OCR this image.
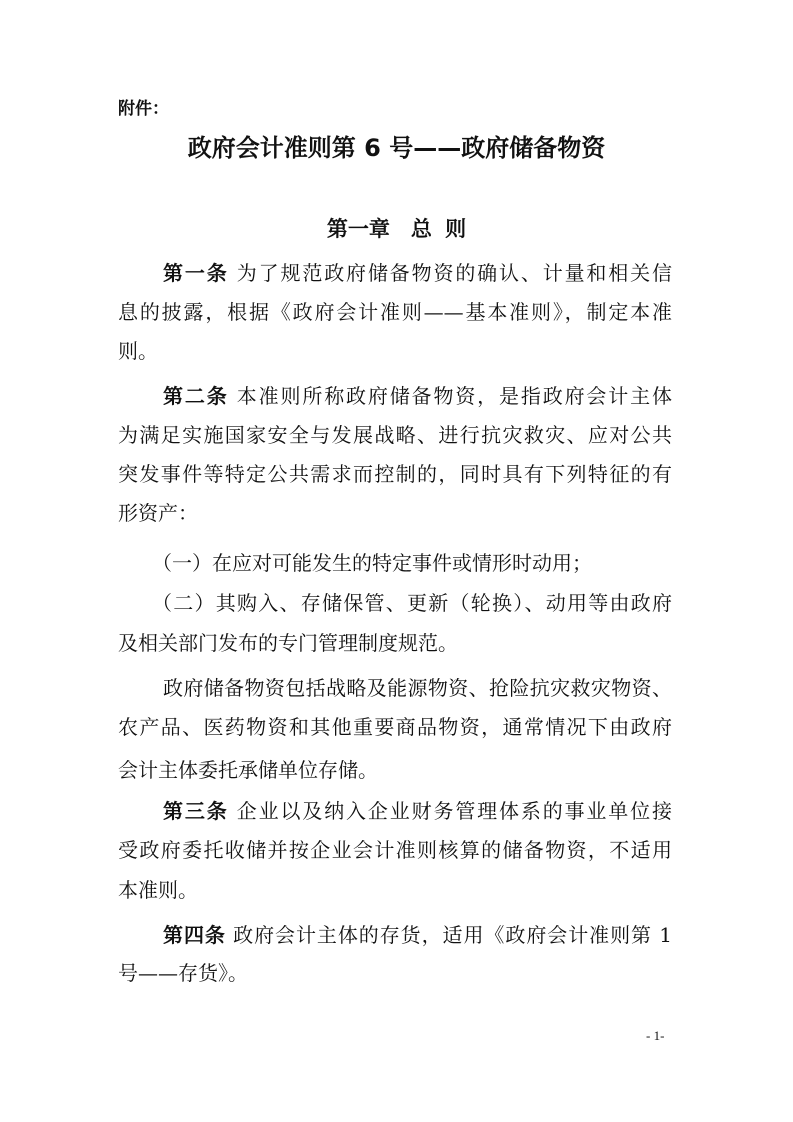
附件：
政府会计准则第 6 号——政府储备物资
第一章　总 则
第一条 为了规范政府储备物资的确认、计量和相关信
息的披露，根据《政府会计准则——基本准则》，制定本准
则。
第二条 本准则所称政府储备物资，是指政府会计主体
为满足实施国家安全与发展战略、进行抗灾救灾、应对公共
突发事件等特定公共需求而控制的，同时具有下列特征的有
形资产：
（一）在应对可能发生的特定事件或情形时动用；
（二）其购入、存储保管、更新（轮换）、动用等由政府
及相关部门发布的专门管理制度规范。
政府储备物资包括战略及能源物资、抢险抗灾救灾物资、
农产品、医药物资和其他重要商品物资，通常情况下由政府
会计主体委托承储单位存储。
第三条 企业以及纳入企业财务管理体系的事业单位接
受政府委托收储并按企业会计准则核算的储备物资，不适用
本准则。
第四条 政府会计主体的存货，适用《政府会计准则第 1
号——存货》。
- 1-
